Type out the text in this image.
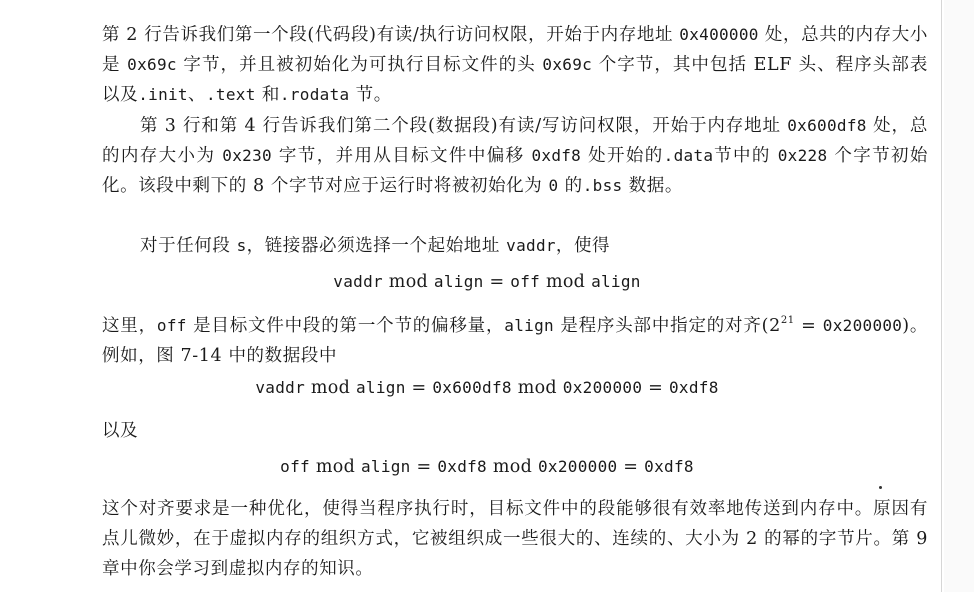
第 2 行告诉我们第一个段(代码段)有读/执行访问权限，开始于内存地址 0x400000 处，总共的内存大小是 0x69c 字节，并且被初始化为可执行目标文件的头 0x69c 个字节，其中包括 ELF 头、程序头部表以及.init、.text 和.rodata 节。

第 3 行和第 4 行告诉我们第二个段(数据段)有读/写访问权限，开始于内存地址 0x600df8 处，总的内存大小为 0x230 字节，并用从目标文件中偏移 0xdf8 处开始的.data节中的 0x228 个字节初始化。该段中剩下的 8 个字节对应于运行时将被初始化为 0 的.bss 数据。

对于任何段 s，链接器必须选择一个起始地址 vaddr，使得

vaddr mod align = off mod align

这里，off 是目标文件中段的第一个节的偏移量，align 是程序头部中指定的对齐$(2^{21} = 0x200000)$。例如，图 7-14 中的数据段中

vaddr mod align = 0x600df8 mod 0x200000 = 0xdf8

以及

off mod align = 0xdf8 mod 0x200000 = 0xdf8

这个对齐要求是一种优化，使得当程序执行时，目标文件中的段能够很有效率地传送到内存中。原因有点儿微妙，在于虚拟内存的组织方式，它被组织成一些很大的、连续的、大小为 2 的幂的字节片。第 9 章中你会学习到虚拟内存的知识。
